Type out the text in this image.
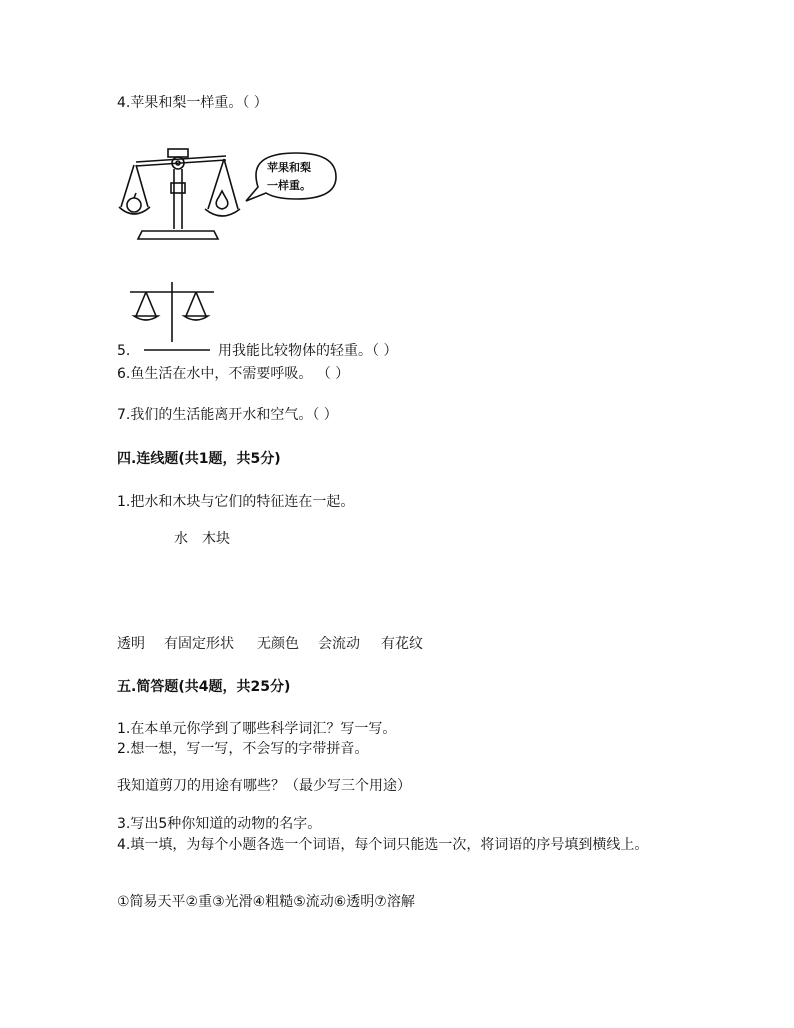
4.苹果和梨一样重。（ ）
苹果和梨
一样重。
5.	用我能比较物体的轻重。（ ）
6.鱼生活在水中，不需要呼吸。 （ ）
7.我们的生活能离开水和空气。（ ）
四.连线题(共1题，共5分)
1.把水和木块与它们的特征连在一起。
水 木块
透明 有固定形状 无颜色 会流动 有花纹
五.简答题(共4题，共25分)
1.在本单元你学到了哪些科学词汇？写一写。
2.想一想，写一写，不会写的字带拼音。
我知道剪刀的用途有哪些？（最少写三个用途）
3.写出5种你知道的动物的名字。
4.填一填，为每个小题各选一个词语，每个词只能选一次，将词语的序号填到横线上。
①简易天平②重③光滑④粗糙⑤流动⑥透明⑦溶解
